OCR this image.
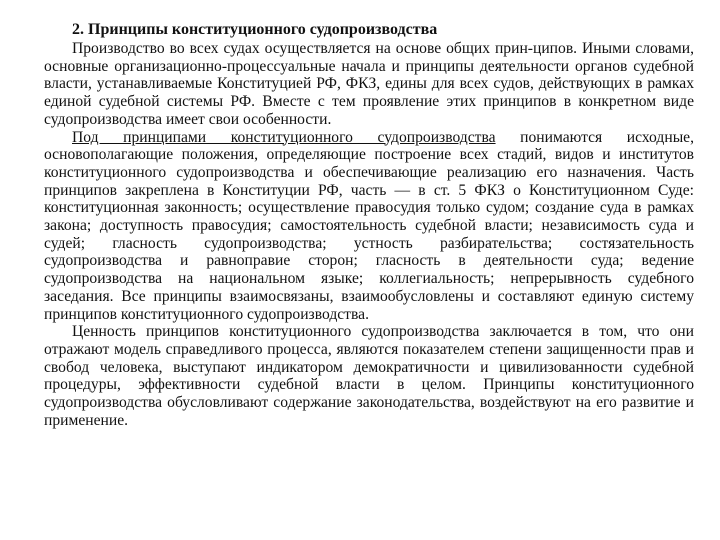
2. Принципы конституционного судопроизводства

Производство во всех судах осуществляется на основе общих прин-ципов. Иными словами, основные организационно-процессуальные начала и принципы деятельности органов судебной власти, устанавливаемые Конституцией РФ, ФКЗ, едины для всех судов, действующих в рамках единой судебной системы РФ. Вместе с тем проявление этих принципов в конкретном виде судопроизводства имеет свои особенности.

Под принципами конституционного судопроизводства понимаются исходные, основополагающие положения, определяющие построение всех стадий, видов и институтов конституционного судопроизводства и обеспечивающие реализацию его назначения. Часть принципов закреплена в Конституции РФ, часть — в ст. 5 ФКЗ о Конституционном Суде: конституционная законность; осуществление правосудия только судом; создание суда в рамках закона; доступность правосудия; самостоятельность судебной власти; независимость суда и судей; гласность судопроизводства; устность разбирательства; состязательность судопроизводства и равноправие сторон; гласность в деятельности суда; ведение судопроизводства на национальном языке; коллегиальность; непрерывность судебного заседания. Все принципы взаимосвязаны, взаимообусловлены и составляют единую систему принципов конституционного судопроизводства.

Ценность принципов конституционного судопроизводства заключается в том, что они отражают модель справедливого процесса, являются показателем степени защищенности прав и свобод человека, выступают индикатором демократичности и цивилизованности судебной процедуры, эффективности судебной власти в целом. Принципы конституционного судопроизводства обусловливают содержание законодательства, воздействуют на его развитие и применение.
